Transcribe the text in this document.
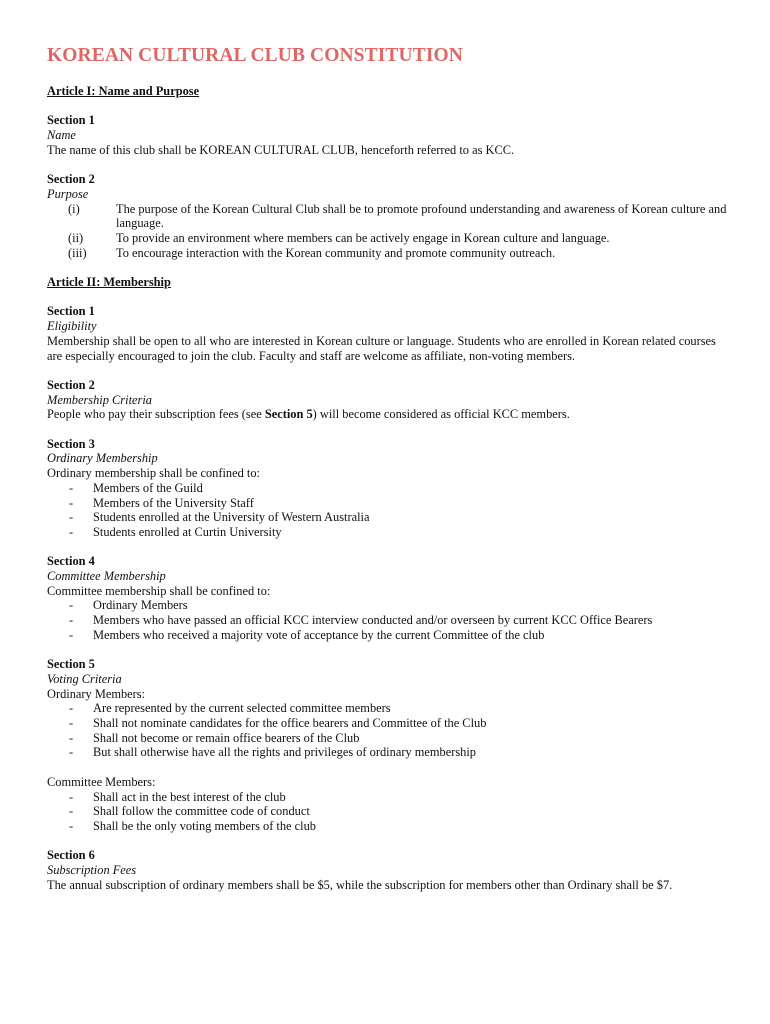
KOREAN CULTURAL CLUB CONSTITUTION
Article I: Name and Purpose
Section 1
Name
The name of this club shall be KOREAN CULTURAL CLUB, henceforth referred to as KCC.
Section 2
Purpose
(i)	The purpose of the Korean Cultural Club shall be to promote profound understanding and awareness of Korean culture and language.
(ii)	To provide an environment where members can be actively engage in Korean culture and language.
(iii)	To encourage interaction with the Korean community and promote community outreach.
Article II: Membership
Section 1
Eligibility
Membership shall be open to all who are interested in Korean culture or language. Students who are enrolled in Korean related courses are especially encouraged to join the club. Faculty and staff are welcome as affiliate, non-voting members.
Section 2
Membership Criteria
People who pay their subscription fees (see Section 5) will become considered as official KCC members.
Section 3
Ordinary Membership
Ordinary membership shall be confined to:
-	Members of the Guild
-	Members of the University Staff
-	Students enrolled at the University of Western Australia
-	Students enrolled at Curtin University
Section 4
Committee Membership
Committee membership shall be confined to:
-	Ordinary Members
-	Members who have passed an official KCC interview conducted and/or overseen by current KCC Office Bearers
-	Members who received a majority vote of acceptance by the current Committee of the club
Section 5
Voting Criteria
Ordinary Members:
-	Are represented by the current selected committee members
-	Shall not nominate candidates for the office bearers and Committee of the Club
-	Shall not become or remain office bearers of the Club
-	But shall otherwise have all the rights and privileges of ordinary membership
Committee Members:
-	Shall act in the best interest of the club
-	Shall follow the committee code of conduct
-	Shall be the only voting members of the club
Section 6
Subscription Fees
The annual subscription of ordinary members shall be $5, while the subscription for members other than Ordinary shall be $7.
